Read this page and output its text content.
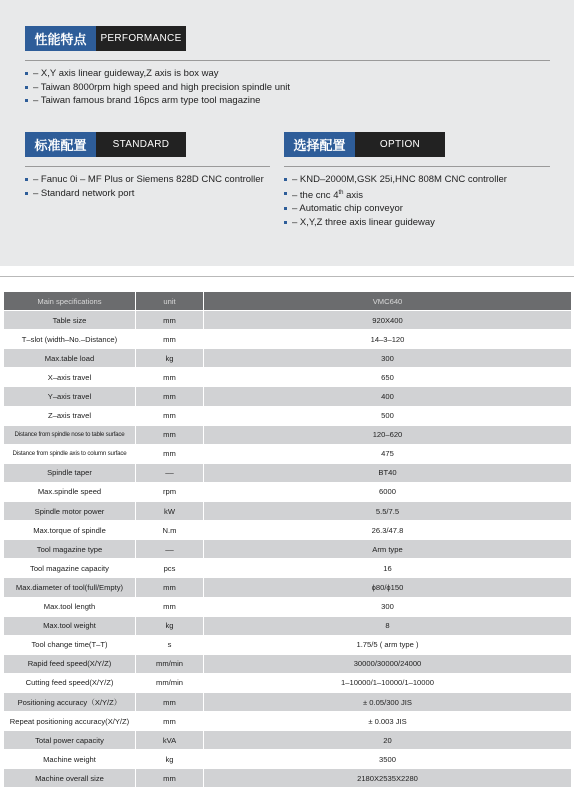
性能特点	PERFORMANCE
– X,Y axis linear guideway,Z axis is box way
– Taiwan 8000rpm high speed and high precision spindle unit
– Taiwan famous brand 16pcs arm type tool magazine
标准配置	STANDARD
– Fanuc 0i – MF Plus or Siemens 828D CNC controller
– Standard network port
选择配置	OPTION
– KND–2000M,GSK 25i,HNC 808M CNC controller
– the cnc 4th axis
– Automatic chip conveyor
– X,Y,Z three axis linear guideway
Main specifications	unit	VMC640
Table size	mm	920X400
T–slot (width–No.–Distance)	mm	14–3–120
Max.table load	kg	300
X–axis travel	mm	650
Y–axis travel	mm	400
Z–axis travel	mm	500
Distance from spindle nose to table surface	mm	120–620
Distance from spindle axis to column surface	mm	475
Spindle taper	––	BT40
Max.spindle speed	rpm	6000
Spindle motor power	kW	5.5/7.5
Max.torque of spindle	N.m	26.3/47.8
Tool magazine type	––	Arm type
Tool magazine capacity	pcs	16
Max.diameter of tool(full/Empty)	mm	ϕ80/ϕ150
Max.tool length	mm	300
Max.tool weight	kg	8
Tool change time(T–T)	s	1.75/5 ( arm type )
Rapid feed speed(X/Y/Z)	mm/min	30000/30000/24000
Cutting feed speed(X/Y/Z)	mm/min	1–10000/1–10000/1–10000
Positioning accuracy（X/Y/Z）	mm	± 0.05/300 JIS
Repeat positioning accuracy(X/Y/Z)	mm	± 0.003 JIS
Total power capacity	kVA	20
Machine weight	kg	3500
Machine overall size	mm	2180X2535X2280
